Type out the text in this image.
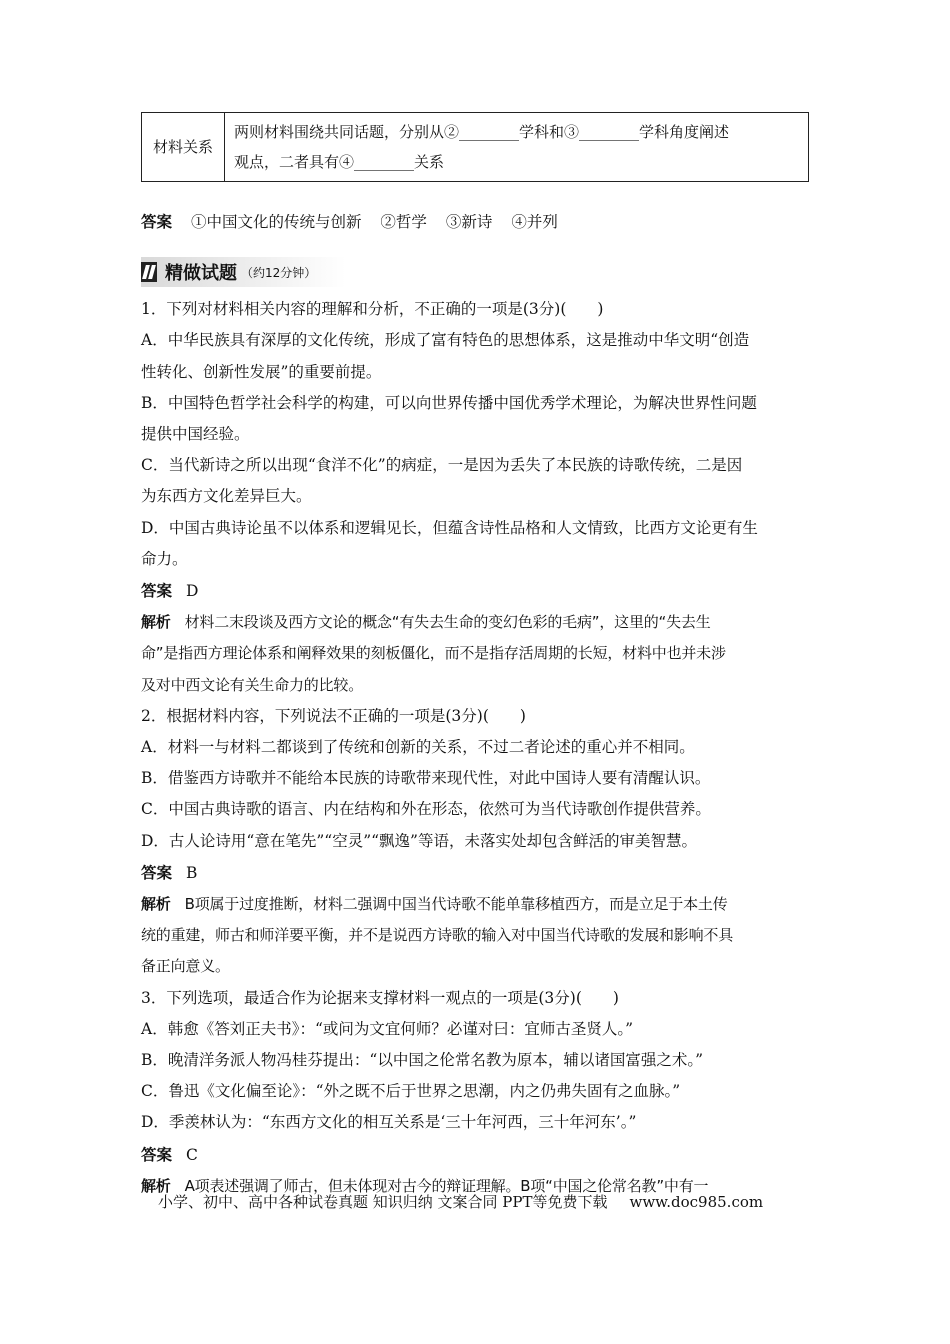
材料关系	
两则材料围绕共同话题，分别从②________学科和③________学科角度阐述
观点，二者具有④________关系

答案 ①中国文化的传统与创新 ②哲学 ③新诗 ④并列

精做试题 （约12分钟）

1．下列对材料相关内容的理解和分析，不正确的一项是(3分)(　　)

A．中华民族具有深厚的文化传统，形成了富有特色的思想体系，这是推动中华文明“创造

性转化、创新性发展”的重要前提。

B．中国特色哲学社会科学的构建，可以向世界传播中国优秀学术理论，为解决世界性问题

提供中国经验。

C．当代新诗之所以出现“食洋不化”的病症，一是因为丢失了本民族的诗歌传统，二是因

为东西方文化差异巨大。

D．中国古典诗论虽不以体系和逻辑见长，但蕴含诗性品格和人文情致，比西方文论更有生

命力。

答案 D

解析 材料二末段谈及西方文论的概念“有失去生命的变幻色彩的毛病”，这里的“失去生

命”是指西方理论体系和阐释效果的刻板僵化，而不是指存活周期的长短，材料中也并未涉

及对中西文论有关生命力的比较。

2．根据材料内容，下列说法不正确的一项是(3分)(　　)

A．材料一与材料二都谈到了传统和创新的关系，不过二者论述的重心并不相同。

B．借鉴西方诗歌并不能给本民族的诗歌带来现代性，对此中国诗人要有清醒认识。

C．中国古典诗歌的语言、内在结构和外在形态，依然可为当代诗歌创作提供营养。

D．古人论诗用“意在笔先”“空灵”“飘逸”等语，未落实处却包含鲜活的审美智慧。

答案 B

解析 B项属于过度推断，材料二强调中国当代诗歌不能单靠移植西方，而是立足于本土传

统的重建，师古和师洋要平衡，并不是说西方诗歌的输入对中国当代诗歌的发展和影响不具

备正向意义。

3．下列选项，最适合作为论据来支撑材料一观点的一项是(3分)(　　)

A．韩愈《答刘正夫书》：“或问为文宜何师？必谨对曰：宜师古圣贤人。”

B．晚清洋务派人物冯桂芬提出：“以中国之伦常名教为原本，辅以诸国富强之术。”

C．鲁迅《文化偏至论》：“外之既不后于世界之思潮，内之仍弗失固有之血脉。”

D．季羡林认为：“东西方文化的相互关系是‘三十年河西，三十年河东’。”

答案 C

解析 A项表述强调了师古，但未体现对古今的辩证理解。B项“中国之伦常名教”中有一

小学、初中、高中各种试卷真题 知识归纳 文案合同 PPT等免费下载 www.doc985.com
